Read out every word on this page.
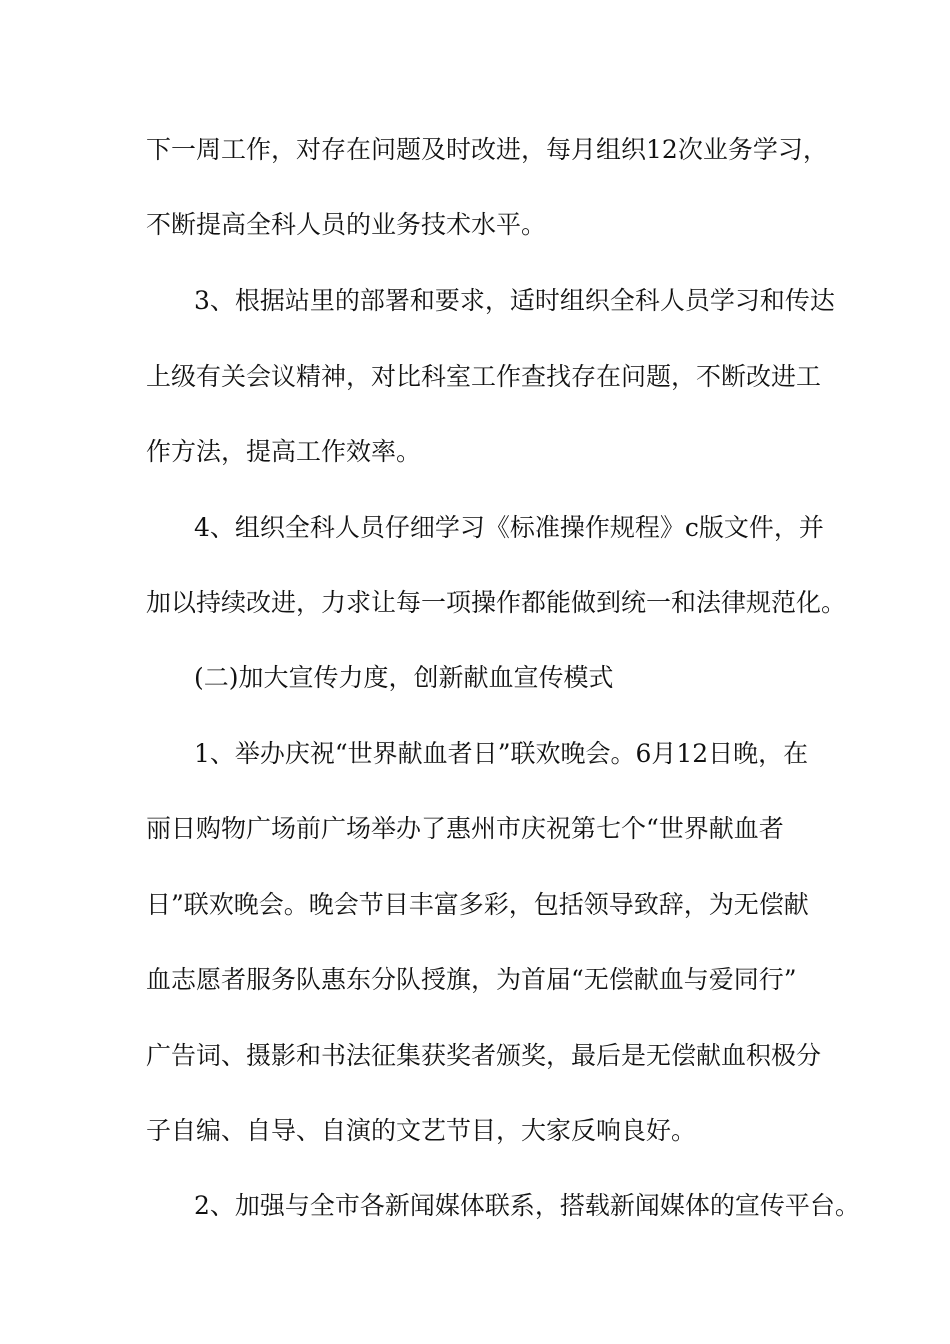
下一周工作，对存在问题及时改进，每月组织12次业务学习，
不断提高全科人员的业务技术水平。
3、根据站里的部署和要求，适时组织全科人员学习和传达
上级有关会议精神，对比科室工作查找存在问题，不断改进工
作方法，提高工作效率。
4、组织全科人员仔细学习《标准操作规程》c版文件，并
加以持续改进，力求让每一项操作都能做到统一和法律规范化。
(二)加大宣传力度，创新献血宣传模式
1、举办庆祝“世界献血者日”联欢晚会。6月12日晚，在
丽日购物广场前广场举办了惠州市庆祝第七个“世界献血者
日”联欢晚会。晚会节目丰富多彩，包括领导致辞，为无偿献
血志愿者服务队惠东分队授旗，为首届“无偿献血与爱同行”
广告词、摄影和书法征集获奖者颁奖，最后是无偿献血积极分
子自编、自导、自演的文艺节目，大家反响良好。
2、加强与全市各新闻媒体联系，搭载新闻媒体的宣传平台。
